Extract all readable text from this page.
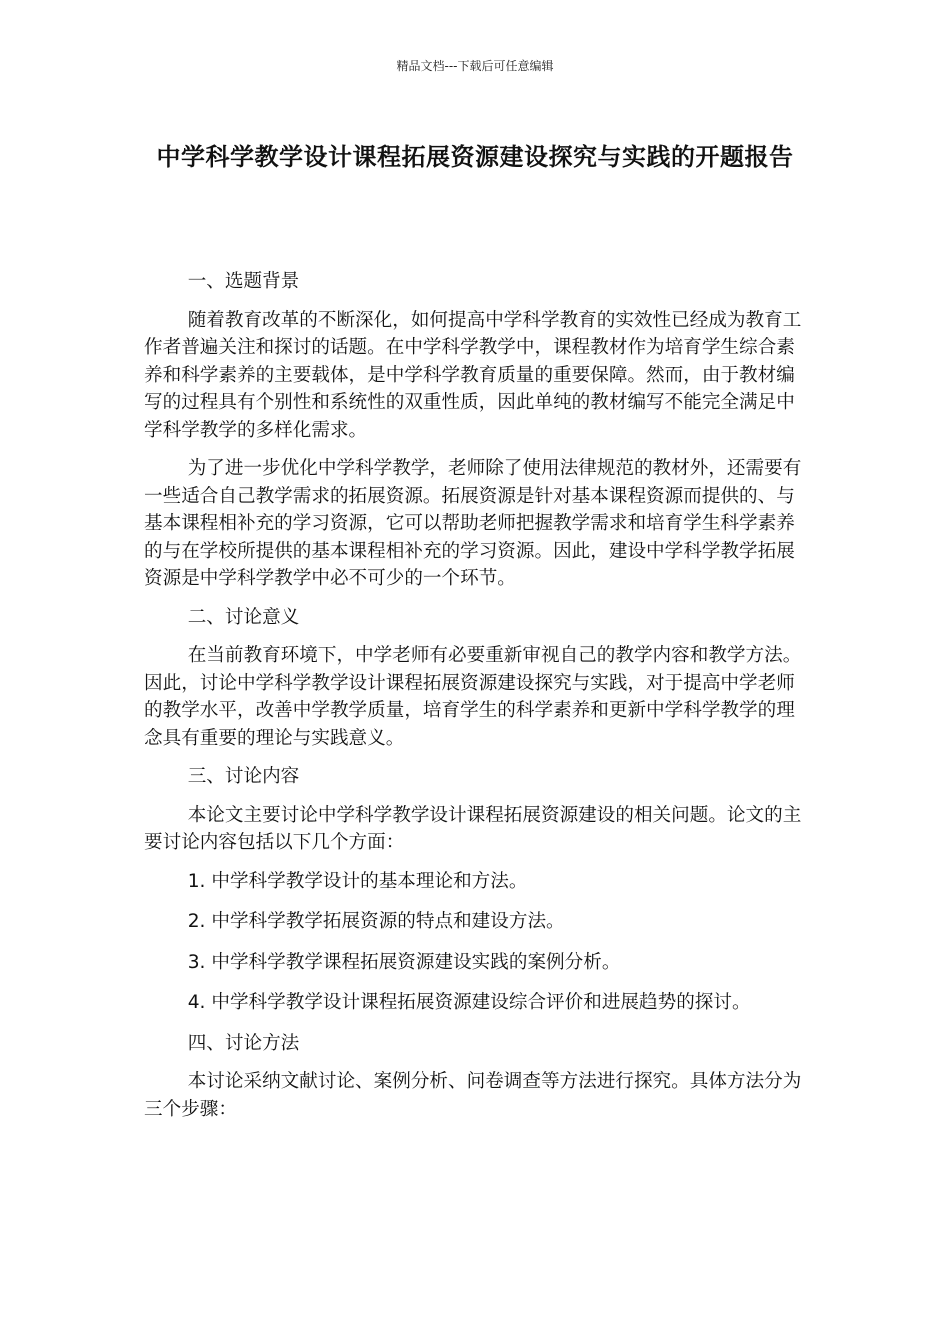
精品文档---下载后可任意编辑
中学科学教学设计课程拓展资源建设探究与实践的开题报告

一、选题背景

随着教育改革的不断深化，如何提高中学科学教育的实效性已经成为教育工作者普遍关注和探讨的话题。在中学科学教学中，课程教材作为培育学生综合素养和科学素养的主要载体，是中学科学教育质量的重要保障。然而，由于教材编写的过程具有个别性和系统性的双重性质，因此单纯的教材编写不能完全满足中学科学教学的多样化需求。

为了进一步优化中学科学教学，老师除了使用法律规范的教材外，还需要有一些适合自己教学需求的拓展资源。拓展资源是针对基本课程资源而提供的、与基本课程相补充的学习资源，它可以帮助老师把握教学需求和培育学生科学素养的与在学校所提供的基本课程相补充的学习资源。因此，建设中学科学教学拓展资源是中学科学教学中必不可少的一个环节。

二、讨论意义

在当前教育环境下，中学老师有必要重新审视自己的教学内容和教学方法。因此，讨论中学科学教学设计课程拓展资源建设探究与实践，对于提高中学老师的教学水平，改善中学教学质量，培育学生的科学素养和更新中学科学教学的理念具有重要的理论与实践意义。

三、讨论内容

本论文主要讨论中学科学教学设计课程拓展资源建设的相关问题。论文的主要讨论内容包括以下几个方面：

1. 中学科学教学设计的基本理论和方法。

2. 中学科学教学拓展资源的特点和建设方法。

3. 中学科学教学课程拓展资源建设实践的案例分析。

4. 中学科学教学设计课程拓展资源建设综合评价和进展趋势的探讨。

四、讨论方法

本讨论采纳文献讨论、案例分析、问卷调查等方法进行探究。具体方法分为三个步骤：
